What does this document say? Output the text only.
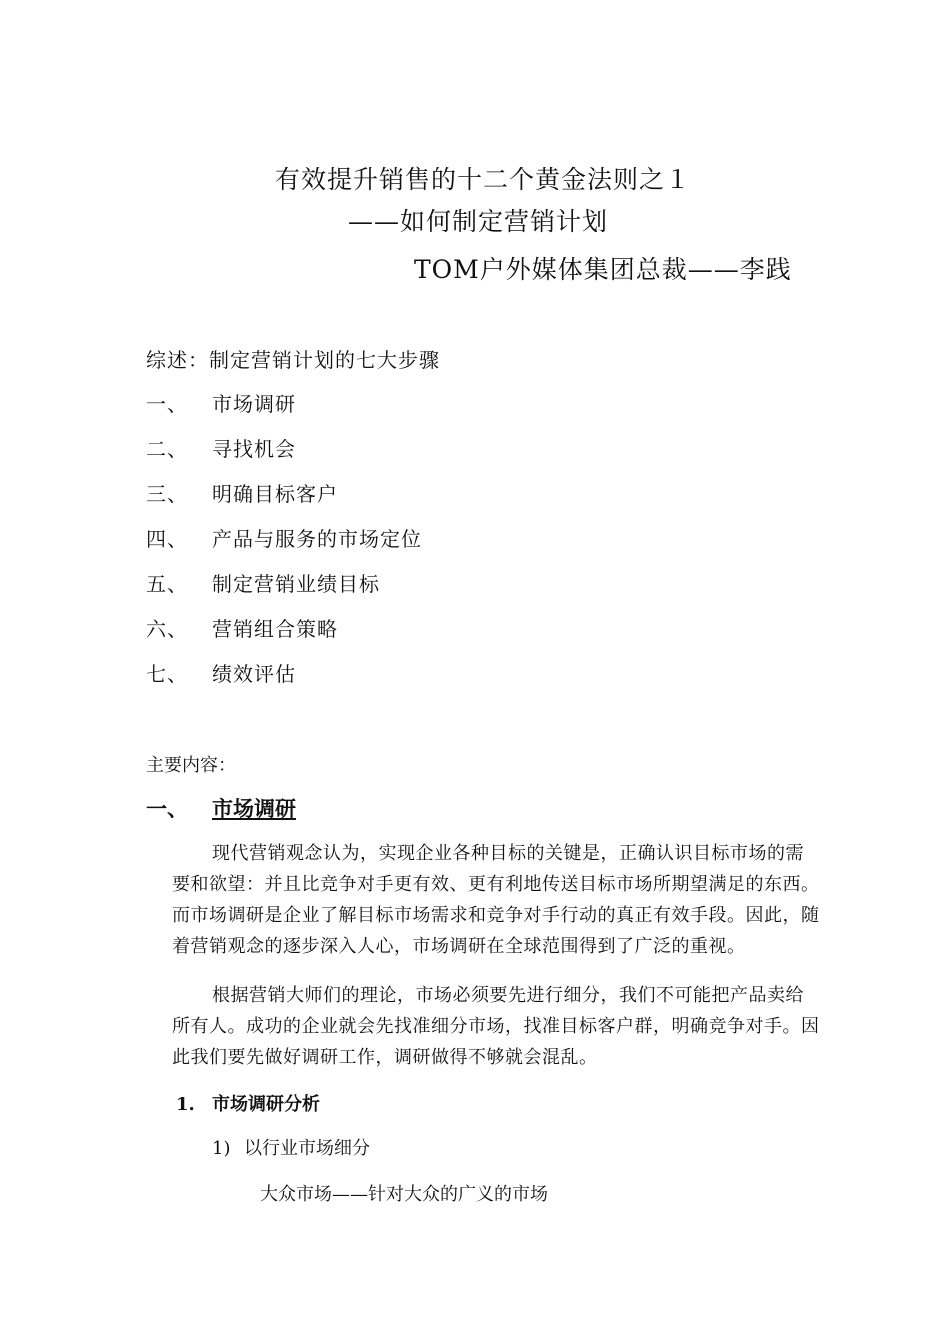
有效提升销售的十二个黄金法则之１
——如何制定营销计划
TOM户外媒体集团总裁——李践
综述：制定营销计划的七大步骤
一、 市场调研
二、 寻找机会
三、 明确目标客户
四、 产品与服务的市场定位
五、 制定营销业绩目标
六、 营销组合策略
七、 绩效评估
主要内容：
一、 市场调研

现代营销观念认为，实现企业各种目标的关键是，正确认识目标市场的需要和欲望：并且比竞争对手更有效、更有利地传送目标市场所期望满足的东西。而市场调研是企业了解目标市场需求和竞争对手行动的真正有效手段。因此，随着营销观念的逐步深入人心，市场调研在全球范围得到了广泛的重视。

根据营销大师们的理论，市场必须要先进行细分，我们不可能把产品卖给所有人。成功的企业就会先找准细分市场，找准目标客户群，明确竞争对手。因此我们要先做好调研工作，调研做得不够就会混乱。

1. 市场调研分析
1) 以行业市场细分
大众市场——针对大众的广义的市场
